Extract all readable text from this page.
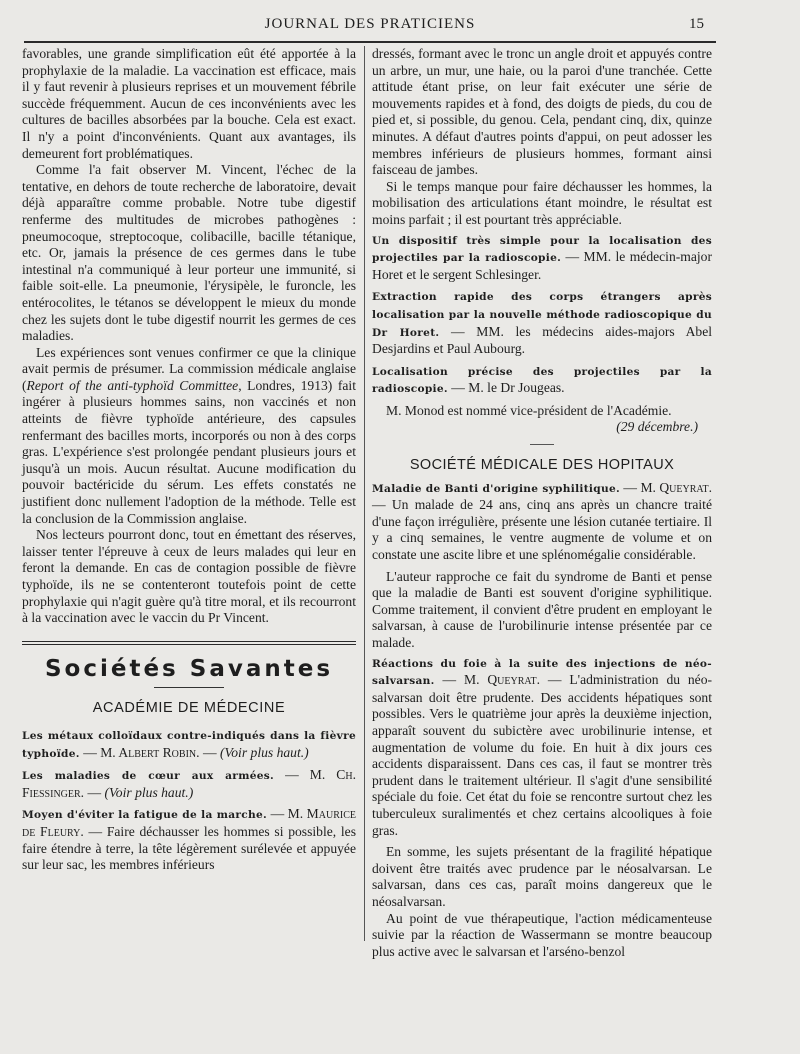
JOURNAL DES PRATICIENS	15

favorables, une grande simplification eût été apportée à la prophylaxie de la maladie. La vaccination est efficace, mais il y faut revenir à plusieurs reprises et un mouvement fébrile succède fréquemment. Aucun de ces inconvénients avec les cultures de bacilles absorbées par la bouche. Cela est exact. Il n'y a point d'inconvénients. Quant aux avantages, ils demeurent fort problématiques.

Comme l'a fait observer M. Vincent, l'échec de la tentative, en dehors de toute recherche de laboratoire, devait déjà apparaître comme probable. Notre tube digestif renferme des multitudes de microbes pathogènes : pneumocoque, streptocoque, colibacille, bacille tétanique, etc. Or, jamais la présence de ces germes dans le tube intestinal n'a communiqué à leur porteur une immunité, si faible soit-elle. La pneumonie, l'érysipèle, le furoncle, les entérocolites, le tétanos se développent le mieux du monde chez les sujets dont le tube digestif nourrit les germes de ces maladies.

Les expériences sont venues confirmer ce que la clinique avait permis de présumer. La commission médicale anglaise (Report of the anti-typhoïd Committee, Londres, 1913) fait ingérer à plusieurs hommes sains, non vaccinés et non atteints de fièvre typhoïde antérieure, des capsules renfermant des bacilles morts, incorporés ou non à des corps gras. L'expérience s'est prolongée pendant plusieurs jours et jusqu'à un mois. Aucun résultat. Aucune modification du pouvoir bactéricide du sérum. Les effets constatés ne justifient donc nullement l'adoption de la méthode. Telle est la conclusion de la Commission anglaise.

Nos lecteurs pourront donc, tout en émettant des réserves, laisser tenter l'épreuve à ceux de leurs malades qui leur en feront la demande. En cas de contagion possible de fièvre typhoïde, ils ne se contenteront toutefois point de cette prophylaxie qui n'agit guère qu'à titre moral, et ils recourront à la vaccination avec le vaccin du Pr Vincent.

Sociétés Savantes
ACADÉMIE DE MÉDECINE

Les métaux colloïdaux contre-indiqués dans la fièvre typhoïde. — M. Albert Robin. — (Voir plus haut.)

Les maladies de cœur aux armées. — M. Ch. Fiessinger. — (Voir plus haut.)

Moyen d'éviter la fatigue de la marche. — M. Maurice de Fleury. — Faire déchausser les hommes si possible, les faire étendre à terre, la tête légèrement surélevée et appuyée sur leur sac, les membres inférieurs

dressés, formant avec le tronc un angle droit et appuyés contre un arbre, un mur, une haie, ou la paroi d'une tranchée. Cette attitude étant prise, on leur fait exécuter une série de mouvements rapides et à fond, des doigts de pieds, du cou de pied et, si possible, du genou. Cela, pendant cinq, dix, quinze minutes. A défaut d'autres points d'appui, on peut adosser les membres inférieurs de plusieurs hommes, formant ainsi faisceau de jambes.

Si le temps manque pour faire déchausser les hommes, la mobilisation des articulations étant moindre, le résultat est moins parfait ; il est pourtant très appréciable.

Un dispositif très simple pour la localisation des projectiles par la radioscopie. — MM. le médecin-major Horet et le sergent Schlesinger.

Extraction rapide des corps étrangers après localisation par la nouvelle méthode radioscopique du Dr Horet. — MM. les médecins aides-majors Abel Desjardins et Paul Aubourg.

Localisation précise des projectiles par la radioscopie. — M. le Dr Jougeas.

M. Monod est nommé vice-président de l'Académie.

(29 décembre.)

SOCIÉTÉ MÉDICALE DES HOPITAUX

Maladie de Banti d'origine syphilitique. — M. Queyrat. — Un malade de 24 ans, cinq ans après un chancre traité d'une façon irrégulière, présente une lésion cutanée tertiaire. Il y a cinq semaines, le ventre augmente de volume et on constate une ascite libre et une splénomégalie considérable.

L'auteur rapproche ce fait du syndrome de Banti et pense que la maladie de Banti est souvent d'origine syphilitique. Comme traitement, il convient d'être prudent en employant le salvarsan, à cause de l'urobilinurie intense présentée par ce malade.

Réactions du foie à la suite des injections de néo-salvarsan. — M. Queyrat. — L'administration du néo-salvarsan doit être prudente. Des accidents hépatiques sont possibles. Vers le quatrième jour après la deuxième injection, apparaît souvent du subictère avec urobilinurie intense, et augmentation de volume du foie. En huit à dix jours ces accidents disparaissent. Dans ces cas, il faut se montrer très prudent dans le traitement ultérieur. Il s'agit d'une sensibilité spéciale du foie. Cet état du foie se rencontre surtout chez les tuberculeux suralimentés et chez certains alcooliques à foie gras.

En somme, les sujets présentant de la fragilité hépatique doivent être traités avec prudence par le néosalvarsan. Le salvarsan, dans ces cas, paraît moins dangereux que le néosalvarsan.

Au point de vue thérapeutique, l'action médicamenteuse suivie par la réaction de Wassermann se montre beaucoup plus active avec le salvarsan et l'arséno-benzol
